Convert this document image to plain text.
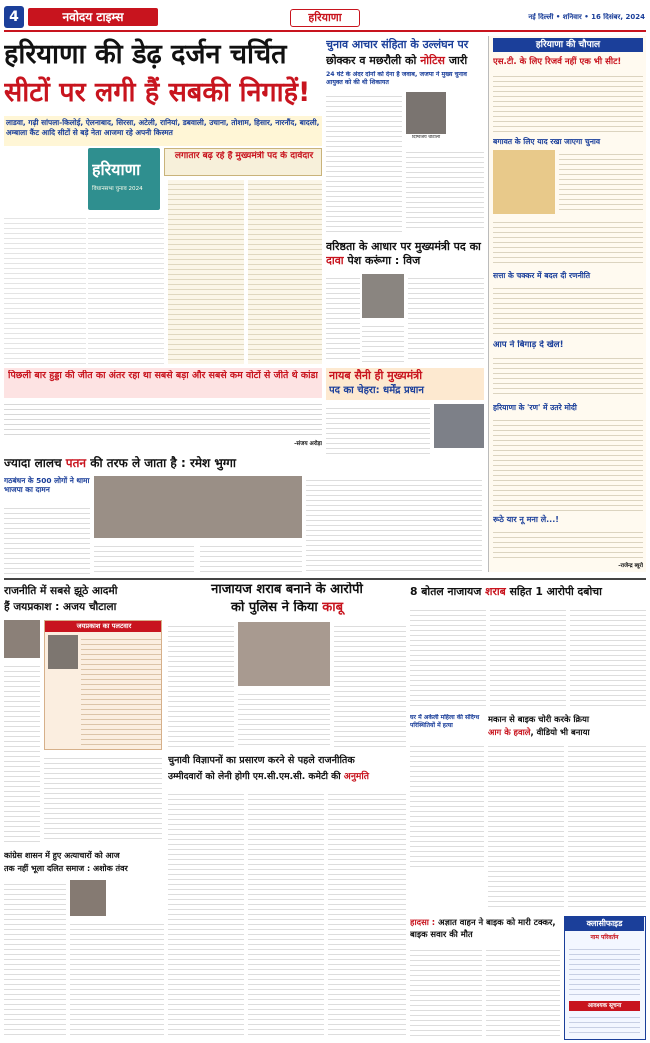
4	नवोदय टाइम्स	हरियाणा	नई दिल्ली • शनिवार • 16 दिसंबर, 2024
हरियाणा की डेढ़ दर्जन चर्चित
सीटों पर लगी हैं सबकी निगाहें!
लाडवा, गढ़ी सांपला-किलोई, ऐलनाबाद, सिरसा, अटेली, रानियां, डबवाली, उचाना, तोशाम, हिसार, नारनौंद, बादली, अम्बाला कैंट आदि सीटों से बड़े नेता आजमा रहे अपनी किस्मत
हरियाणा
विधानसभा चुनाव 2024
लगातार बढ़ रहे हैं मुख्यमंत्री पद के दावेदार
पिछली बार हुड्डा की जीत का अंतर रहा था सबसे बड़ा और सबसे कम वोटों से जीते थे कांडा
-संजय अरोड़ा
चुनाव आचार संहिता के उल्लंघन पर
छोक्कर व मछरौली को नोटिस जारी
24 घंटे के अंदर दोनों को देना है जवाब, जजपा ने मुख्य चुनाव आयुक्त को की थी शिकायत
दिग्विजय चौटाला
वरिष्ठता के आधार पर मुख्यमंत्री पद का दावा पेश करूंगा : विज
नायब सैनी ही मुख्यमंत्री
पद का चेहरा: धर्मेंद्र प्रधान
ज्यादा लालच पतन की तरफ ले जाता है : रमेश भुग्गा
गठबंधन के 500 लोगों ने थामा भाजपा का दामन
हरियाणा की चौपाल
एस.टी. के लिए रिजर्व नहीं एक भी सीट!
बगावत के लिए याद रखा जाएगा चुनाव
सत्ता के चक्कर में बदल दी रणनीति
आप ने बिगाड़ दे खेल!
हरियाणा के 'रण' में उतरे मोदी
रूठे यार नू मना ले...!
-राजेन्द्र ब्यूरो
राजनीति में सबसे झूठे आदमी
हैं जयप्रकाश : अजय चौटाला
जयप्रकाश का पलटवार
नाजायज शराब बनाने के आरोपी
को पुलिस ने किया काबू
8 बोतल नाजायज शराब सहित 1 आरोपी दबोचा
मकान से बाइक चोरी करके क्रिया
आग के हवाले, वीडियो भी बनाया
घर में अकेली महिला की संदिग्ध परिस्थितियों में हत्या
चुनावी विज्ञापनों का प्रसारण करने से पहले राजनीतिक
उम्मीदवारों को लेनी होगी एम.सी.एम.सी. कमेटी की अनुमति
कांग्रेस शासन में हुए अत्याचारों को आज
तक नहीं भूला दलित समाज : अशोक तंवर
हादसा : अज्ञात वाहन ने बाइक को मारी टक्कर, बाइक सवार की मौत
क्लासीफाइड
नाम परिवर्तन
आवश्यक सूचना
